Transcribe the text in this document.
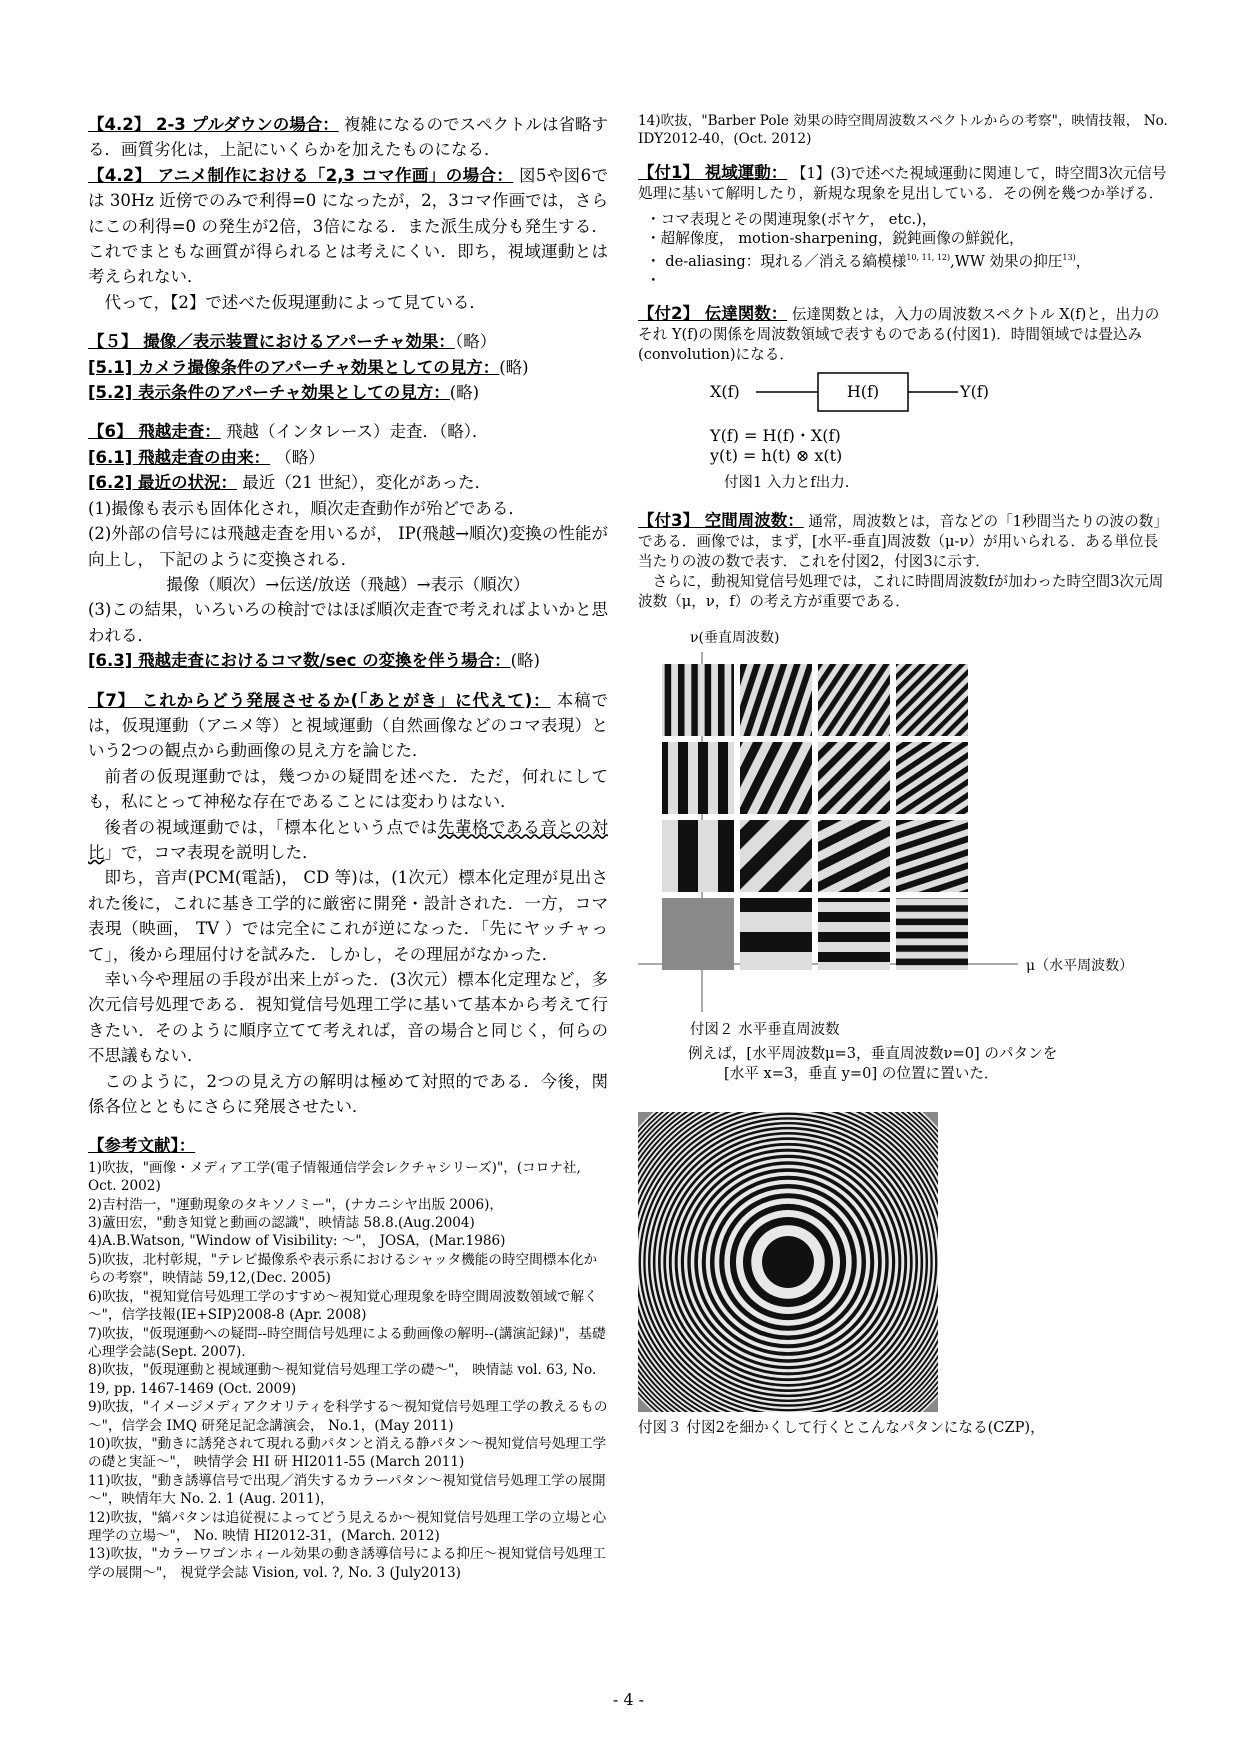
【4.2】 2-3 プルダウンの場合： 複雑になるのでスペクトルは省略する．画質劣化は，上記にいくらかを加えたものになる．

【4.2】 アニメ制作における「2,3 コマ作画」の場合： 図5や図6では 30Hz 近傍でのみで利得=0 になったが，2，3コマ作画では，さらにこの利得=0 の発生が2倍，3倍になる．また派生成分も発生する．これでまともな画質が得られるとは考えにくい．即ち，視域運動とは考えられない．

代って，【2】で述べた仮現運動によって見ている．

【５】 撮像／表示装置におけるアパーチャ効果：（略）

[5.1] カメラ撮像条件のアパーチャ効果としての見方：(略)

[5.2] 表示条件のアパーチャ効果としての見方：(略)

【6】 飛越走査： 飛越（インタレース）走査．（略）．

[6.1] 飛越走査の由来： （略）

[6.2] 最近の状況： 最近（21 世紀），変化があった．

(1)撮像も表示も固体化され，順次走査動作が殆どである．

(2)外部の信号には飛越走査を用いるが， IP(飛越→順次)変換の性能が向上し， 下記のように変換される．

撮像（順次）→伝送/放送（飛越）→表示（順次）

(3)この結果，いろいろの検討ではほぼ順次走査で考えればよいかと思われる．

[6.3] 飛越走査におけるコマ数/sec の変換を伴う場合：(略)

【7】 これからどう発展させるか(「あとがき」に代えて)： 本稿では，仮現運動（アニメ等）と視域運動（自然画像などのコマ表現）という2つの観点から動画像の見え方を論じた．

前者の仮現運動では，幾つかの疑問を述べた．ただ，何れにしても，私にとって神秘な存在であることには変わりはない．

後者の視域運動では，「標本化という点では先輩格である音との対比」で，コマ表現を説明した．

即ち，音声(PCM(電話)， CD 等)は，(1次元）標本化定理が見出された後に，これに基き工学的に厳密に開発・設計された．一方，コマ表現（映画， TV ）では完全にこれが逆になった．「先にヤッチャって」，後から理屈付けを試みた．しかし，その理屈がなかった．

幸い今や理屈の手段が出来上がった．(3次元）標本化定理など，多次元信号処理である．視知覚信号処理工学に基いて基本から考えて行きたい．そのように順序立てて考えれば，音の場合と同じく，何らの不思議もない．

このように，2つの見え方の解明は極めて対照的である．今後，関係各位とともにさらに発展させたい．

【参考文献】：

1)吹抜，"画像・メディア工学(電子情報通信学会レクチャシリーズ)"，(コロナ社, Oct. 2002)

2)吉村浩一，"運動現象のタキソノミー"，(ナカニシヤ出版 2006)，

3)蘆田宏，"動き知覚と動画の認識"，映情誌 58.8.(Aug.2004)

4)A.B.Watson, "Window of Visibility: ～"， JOSA，(Mar.1986)

5)吹抜，北村彰規，"テレビ撮像系や表示系におけるシャッタ機能の時空間標本化からの考察"，映情誌 59,12,(Dec. 2005)

6)吹抜，"視知覚信号処理工学のすすめ～視知覚心理現象を時空間周波数領域で解く～"，信学技報(IE+SIP)2008-8 (Apr. 2008)

7)吹抜，"仮現運動への疑問--時空間信号処理による動画像の解明--(講演記録)"，基礎心理学会誌(Sept. 2007)．

8)吹抜，"仮現運動と視域運動～視知覚信号処理工学の礎～"， 映情誌 vol. 63, No. 19, pp. 1467-1469 (Oct. 2009)

9)吹抜，"イメージメディアクオリティを科学する～視知覚信号処理工学の教えるもの～"，信学会 IMQ 研発足記念講演会， No.1，(May 2011)

10)吹抜，"動きに誘発されて現れる動パタンと消える静パタン～視知覚信号処理工学の礎と実証～"， 映情学会 HI 研 HI2011-55 (March 2011)

11)吹抜，"動き誘導信号で出現／消失するカラーパタン～視知覚信号処理工学の展開～"，映情年大 No. 2. 1 (Aug. 2011)，

12)吹抜，"縞パタンは追従視によってどう見えるか～視知覚信号処理工学の立場と心理学の立場～"， No. 映情 HI2012-31，(March. 2012)

13)吹抜，"カラーワゴンホィール効果の動き誘導信号による抑圧～視知覚信号処理工学の展開～"， 視覚学会誌 Vision, vol. ?, No. 3 (July2013)

14)吹抜，"Barber Pole 効果の時空間周波数スペクトルからの考察"，映情技報， No. IDY2012-40，(Oct. 2012)

【付1】 視域運動： 【1】(3)で述べた視域運動に関連して，時空間3次元信号処理に基いて解明したり，新規な現象を見出している．その例を幾つか挙げる．

・コマ表現とその関連現象(ボヤケ， etc.)，

・超解像度， motion-sharpening，鋭鈍画像の鮮鋭化，

・ de-aliasing：現れる／消える縞模様$^{10, 11, 12)}$,WW 効果の抑圧$^{13)}$，

・

【付2】 伝達関数： 伝達関数とは，入力の周波数スペクトル X(f)と，出力のそれ Y(f)の関係を周波数領域で表すものである(付図1)．時間領域では畳込み(convolution)になる．

X(f)	H(f)	Y(f)
Y(f) = H(f)・X(f)
y(t) = h(t) ⊗ x(t)
付図1 入力とf出力.

【付3】 空間周波数： 通常，周波数とは，音などの「1秒間当たりの波の数」である．画像では，まず，[水平-垂直]周波数（μ-ν）が用いられる．ある単位長当たりの波の数で表す．これを付図2，付図3に示す．

さらに，動視知覚信号処理では，これに時間周波数fが加わった時空間3次元周波数（μ，ν，f）の考え方が重要である．

ν(垂直周波数)
μ（水平周波数）
付図２ 水平垂直周波数

例えば，[水平周波数μ=3，垂直周波数ν=0] のパタンを

[水平 x=3，垂直 y=0] の位置に置いた．

付図３ 付図2を細かくして行くとこんなパタンになる(CZP)，

- 4 -
